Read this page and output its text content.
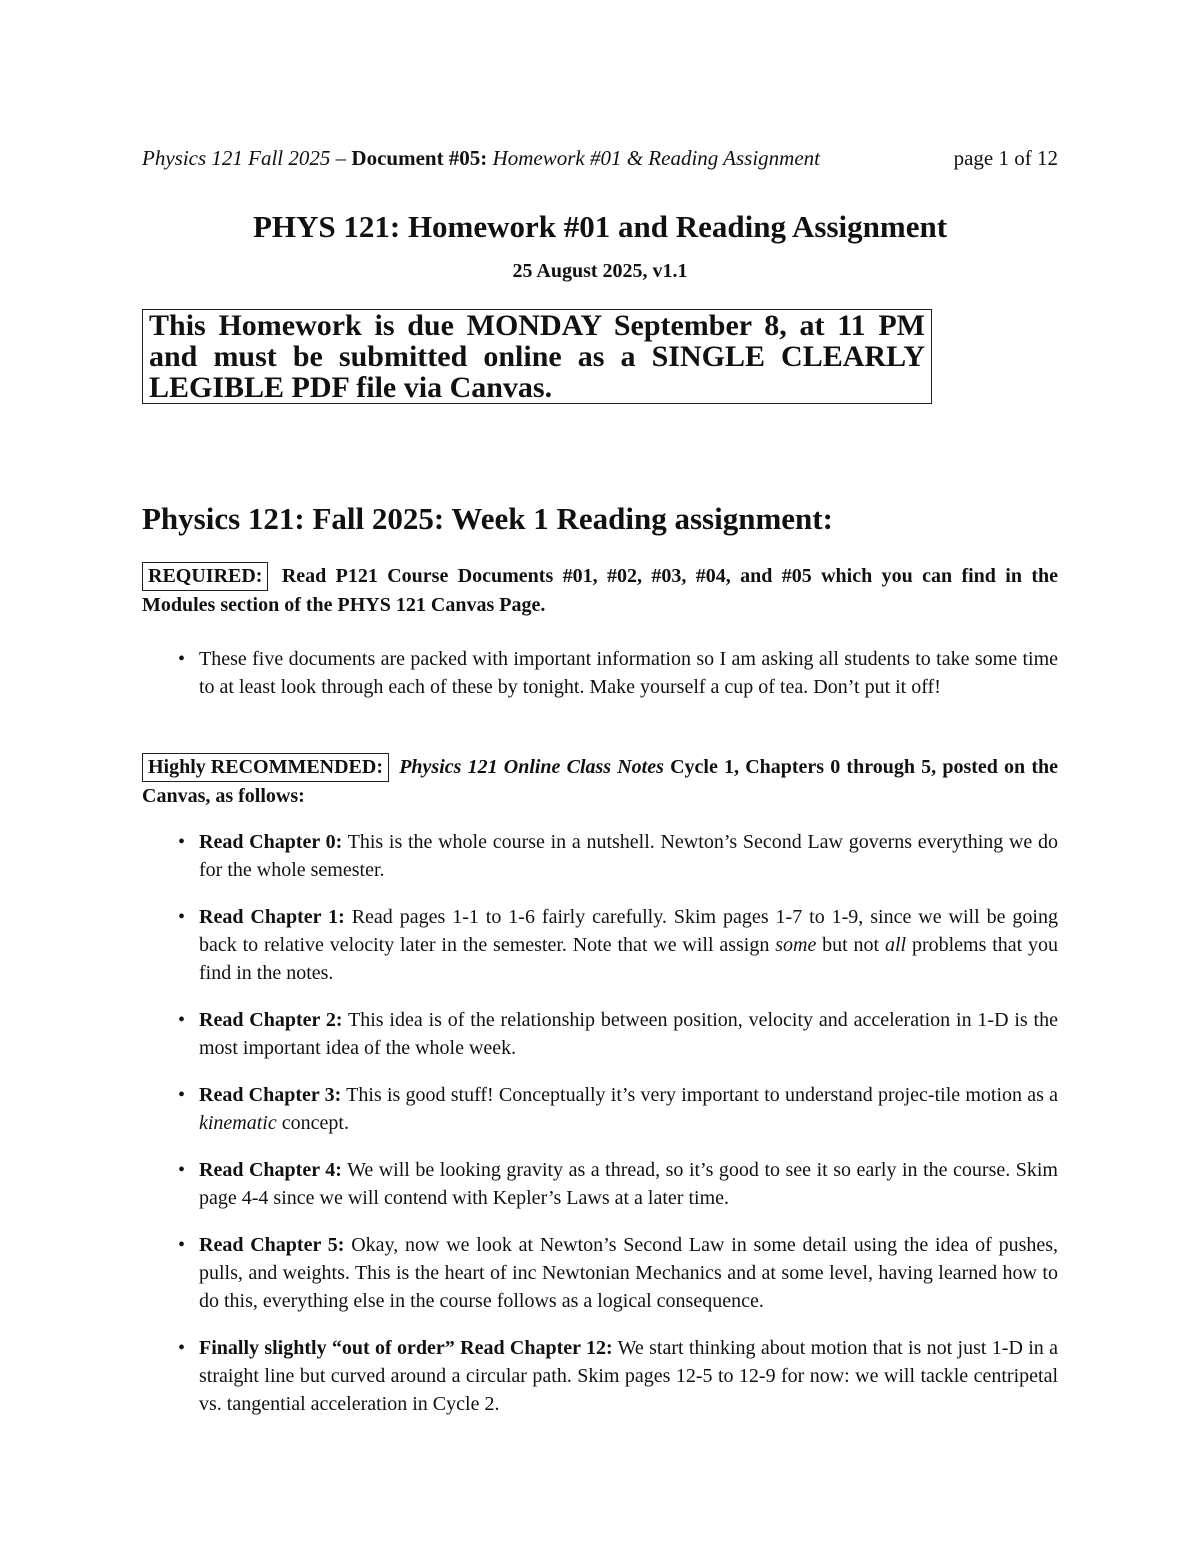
Physics 121 Fall 2025 – Document #05: Homework #01 & Reading Assignment	page 1 of 12
PHYS 121: Homework #01 and Reading Assignment
25 August 2025, v1.1
This Homework is due MONDAY September 8, at 11 PM and must be submitted online as a SINGLE CLEARLY LEGIBLE PDF file via Canvas.
Physics 121: Fall 2025: Week 1 Reading assignment:
REQUIRED: Read P121 Course Documents #01, #02, #03, #04, and #05 which you can find in the Modules section of the PHYS 121 Canvas Page.
• These five documents are packed with important information so I am asking all students to take some time to at least look through each of these by tonight. Make yourself a cup of tea. Don’t put it off!
Highly RECOMMENDED: Physics 121 Online Class Notes Cycle 1, Chapters 0 through 5, posted on the Canvas, as follows:
• Read Chapter 0: This is the whole course in a nutshell. Newton’s Second Law governs everything we do for the whole semester.
• Read Chapter 1: Read pages 1-1 to 1-6 fairly carefully. Skim pages 1-7 to 1-9, since we will be going back to relative velocity later in the semester. Note that we will assign some but not all problems that you find in the notes.
• Read Chapter 2: This idea is of the relationship between position, velocity and acceleration in 1-D is the most important idea of the whole week.
• Read Chapter 3: This is good stuff! Conceptually it’s very important to understand projec-tile motion as a kinematic concept.
• Read Chapter 4: We will be looking gravity as a thread, so it’s good to see it so early in the course. Skim page 4-4 since we will contend with Kepler’s Laws at a later time.
• Read Chapter 5: Okay, now we look at Newton’s Second Law in some detail using the idea of pushes, pulls, and weights. This is the heart of inc Newtonian Mechanics and at some level, having learned how to do this, everything else in the course follows as a logical consequence.
• Finally slightly “out of order” Read Chapter 12: We start thinking about motion that is not just 1-D in a straight line but curved around a circular path. Skim pages 12-5 to 12-9 for now: we will tackle centripetal vs. tangential acceleration in Cycle 2.
